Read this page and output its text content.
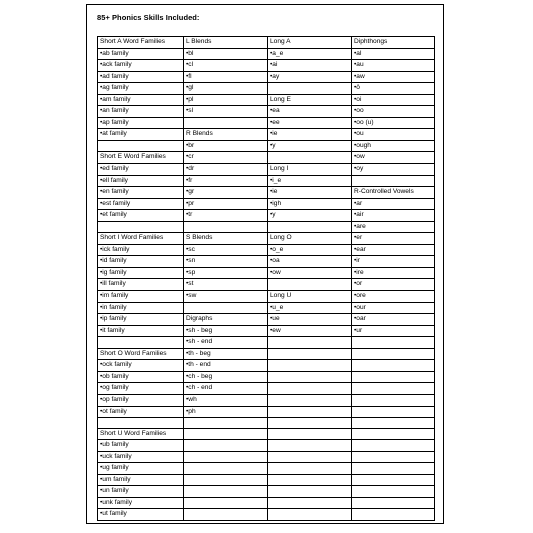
85+ Phonics Skills Included:
Short A Word Families	L Blends	Long A	Diphthongs
•ab family	•bl	•a_e	•al
•ack family	•cl	•ai	•au
•ad family	•fl	•ay	•aw
•ag family	•gl		•ô
•am family	•pl	Long E	•oi
•an family	•sl	•ea	•oo
•ap family		•ee	•oo (u)
•at family	R Blends	•ie	•ou
	•br	•y	•ough
Short E Word Families	•cr		•ow
•ed family	•dr	Long I	•oy
•ell family	•fr	•i_e	
•en family	•gr	•ie	R-Controlled Vowels
•est family	•pr	•igh	•ar
•et family	•tr	•y	•air
			•are
Short I Word Families	S Blends	Long O	•er
•ick family	•sc	•o_e	•ear
•id family	•sn	•oa	•ir
•ig family	•sp	•ow	•ire
•ill family	•st		•or
•im family	•sw	Long U	•ore
•in family		•u_e	•our
•ip family	Digraphs	•ue	•oar
•it family	•sh - beg	•ew	•ur
	•sh - end		
Short O Word Families	•th - beg		
•ock family	•th - end		
•ob family	•ch - beg		
•og family	•ch - end		
•op family	•wh		
•ot family	•ph		

Short U Word Families			
•ub family			
•uck family			
•ug family			
•um family			
•un family			
•unk family			
•ut family			
